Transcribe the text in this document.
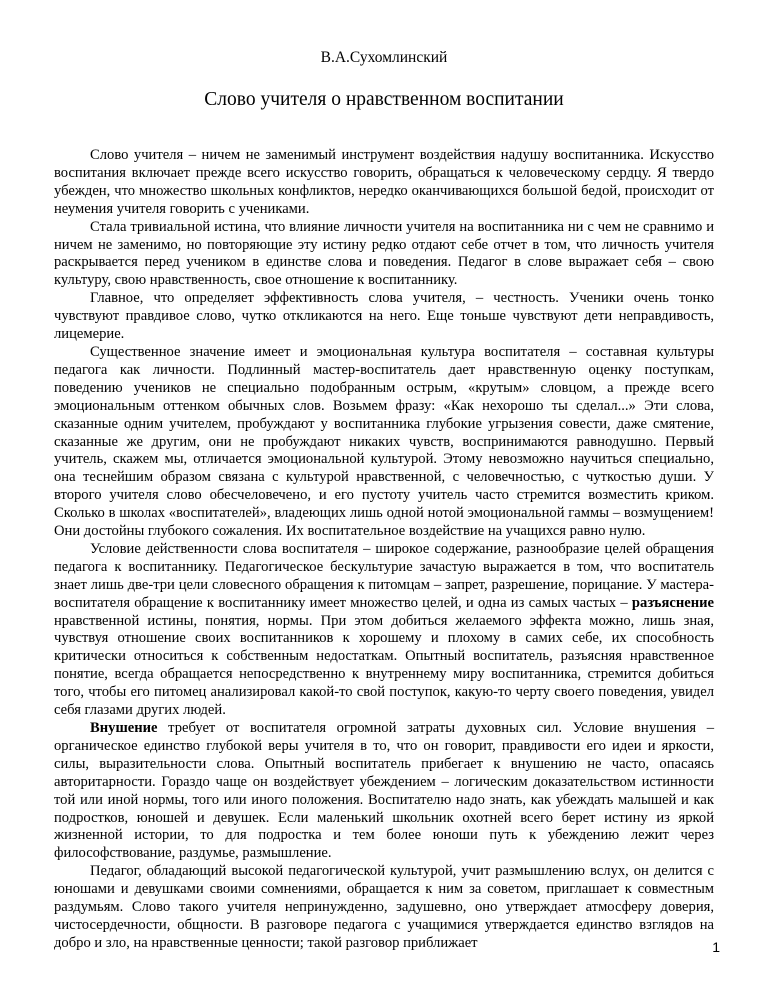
В.А.Сухомлинский
Слово учителя о нравственном воспитании

Слово учителя – ничем не заменимый инструмент воздействия надушу воспитанника. Искусство воспитания включает прежде всего искусство говорить, обращаться к человеческому сердцу. Я твердо убежден, что множество школьных конфликтов, нередко оканчивающихся большой бедой, происходит от неумения учителя говорить с учениками.

Стала тривиальной истина, что влияние личности учителя на воспитанника ни с чем не сравнимо и ничем не заменимо, но повторяющие эту истину редко отдают себе отчет в том, что личность учителя раскрывается перед учеником в единстве слова и поведения. Педагог в слове выражает себя – свою культуру, свою нравственность, свое отношение к воспитаннику.

Главное, что определяет эффективность слова учителя, – честность. Ученики очень тонко чувствуют правдивое слово, чутко откликаются на него. Еще тоньше чувствуют дети неправдивость, лицемерие.

Существенное значение имеет и эмоциональная культура воспитателя – составная культуры педагога как личности. Подлинный мастер-воспитатель дает нравственную оценку поступкам, поведению учеников не специально подобранным острым, «крутым» словцом, а прежде всего эмоциональным оттенком обычных слов. Возьмем фразу: «Как нехорошо ты сделал...» Эти слова, сказанные одним учителем, пробуждают у воспитанника глубокие угрызения совести, даже смятение, сказанные же другим, они не пробуждают никаких чувств, воспринимаются равнодушно. Первый учитель, скажем мы, отличается эмоциональной культурой. Этому невозможно научиться специально, она теснейшим образом связана с культурой нравственной, с человечностью, с чуткостью души. У второго учителя слово обесчеловечено, и его пустоту учитель часто стремится возместить криком. Сколько в школах «воспитателей», владеющих лишь одной нотой эмоциональной гаммы – возмущением! Они достойны глубокого сожаления. Их воспитательное воздействие на учащихся равно нулю.

Условие действенности слова воспитателя – широкое содержание, разнообразие целей обращения педагога к воспитаннику. Педагогическое бескультурие зачастую выражается в том, что воспитатель знает лишь две-три цели словесного обращения к питомцам – запрет, разрешение, порицание. У мастера-воспитателя обращение к воспитаннику имеет множество целей, и одна из самых частых – разъяснение нравственной истины, понятия, нормы. При этом добиться желаемого эффекта можно, лишь зная, чувствуя отношение своих воспитанников к хорошему и плохому в самих себе, их способность критически относиться к собственным недостаткам. Опытный воспитатель, разъясняя нравственное понятие, всегда обращается непосредственно к внутреннему миру воспитанника, стремится добиться того, чтобы его питомец анализировал какой-то свой поступок, какую-то черту своего поведения, увидел себя глазами других людей.

Внушение требует от воспитателя огромной затраты духовных сил. Условие внушения – органическое единство глубокой веры учителя в то, что он говорит, правдивости его идеи и яркости, силы, выразительности слова. Опытный воспитатель прибегает к внушению не часто, опасаясь авторитарности. Гораздо чаще он воздействует убеждением – логическим доказательством истинности той или иной нормы, того или иного положения. Воспитателю надо знать, как убеждать малышей и как подростков, юношей и девушек. Если маленький школьник охотней всего берет истину из яркой жизненной истории, то для подростка и тем более юноши путь к убеждению лежит через философствование, раздумье, размышление.

Педагог, обладающий высокой педагогической культурой, учит размышлению вслух, он делится с юношами и девушками своими сомнениями, обращается к ним за советом, приглашает к совместным раздумьям. Слово такого учителя непринужденно, задушевно, оно утверждает атмосферу доверия, чистосердечности, общности. В разговоре педагога с учащимися утверждается единство взглядов на добро и зло, на нравственные ценности; такой разговор приближает	1
